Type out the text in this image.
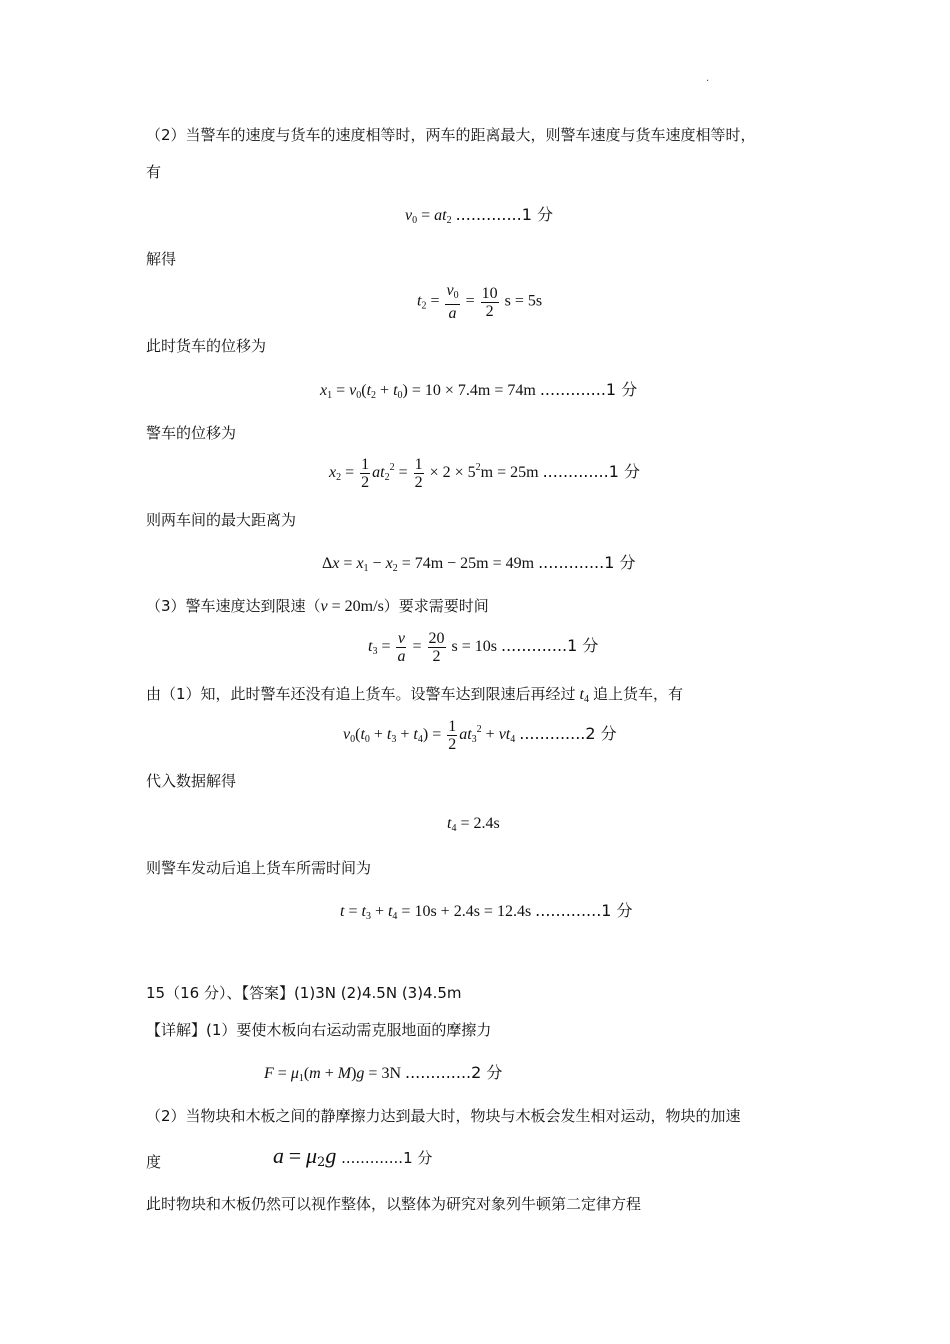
·
（2）当警车的速度与货车的速度相等时，两车的距离最大，则警车速度与货车速度相等时，
有
$v_0 = at_2$ .............1 分
解得
$t_2 = \frac{v_0}{a} = \frac{10}{2}$ s = 5s
此时货车的位移为
$x_1 = v_0(t_2 + t_0) = 10 \times 7.4m = 74m$ .............1 分
警车的位移为
$x_2 = \frac{1}{2} at_2^2 = \frac{1}{2} \times 2 \times 5^2m = 25m$ .............1 分
则两车间的最大距离为
$\Delta x = x_1 - x_2 = 74m - 25m = 49m$ .............1 分
（3）警车速度达到限速（v = 20m/s）要求需要时间
$t_3 = \frac{v}{a} = \frac{20}{2}$ s = 10s .............1 分
由（1）知，此时警车还没有追上货车。设警车达到限速后再经过 $t_4$ 追上货车，有
$v_0(t_0 + t_3 + t_4) = \frac{1}{2} at_3^2 + vt_4$ .............2 分
代入数据解得
$t_4 = 2.4s$
则警车发动后追上货车所需时间为
$t = t_3 + t_4 = 10s + 2.4s = 12.4s$ .............1 分
15（16 分）、【答案】(1)3N (2)4.5N (3)4.5m
【详解】(1）要使木板向右运动需克服地面的摩擦力
$F = \mu_1(m + M)g = 3N$ .............2 分
（2）当物块和木板之间的静摩擦力达到最大时，物块与木板会发生相对运动，物块的加速
度	$a = \mu_2g$ .............1 分
此时物块和木板仍然可以视作整体，以整体为研究对象列牛顿第二定律方程
